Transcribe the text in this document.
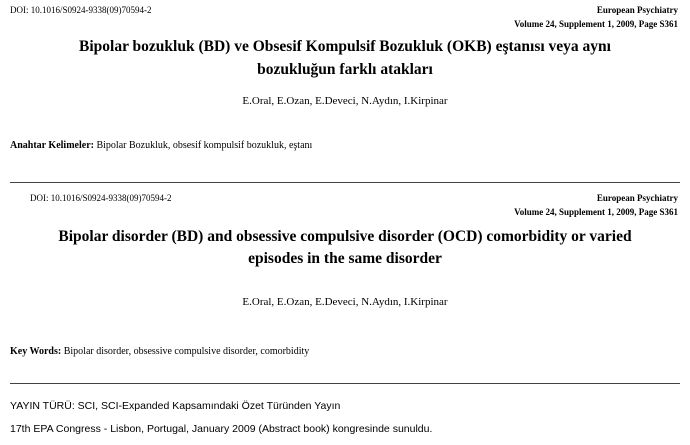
DOI: 10.1016/S0924-9338(09)70594-2	European Psychiatry
Volume 24, Supplement 1, 2009, Page S361
Bipolar bozukluk (BD) ve Obsesif Kompulsif Bozukluk (OKB) eştanısı veya aynı
bozukluğun farklı atakları
E.Oral, E.Ozan, E.Deveci, N.Aydın, I.Kirpinar
Anahtar Kelimeler: Bipolar Bozukluk, obsesif kompulsif bozukluk, eştanı
DOI: 10.1016/S0924-9338(09)70594-2	European Psychiatry
Volume 24, Supplement 1, 2009, Page S361
Bipolar disorder (BD) and obsessive compulsive disorder (OCD) comorbidity or varied
episodes in the same disorder
E.Oral, E.Ozan, E.Deveci, N.Aydın, I.Kirpinar
Key Words: Bipolar disorder, obsessive compulsive disorder, comorbidity
YAYIN TÜRÜ: SCI, SCI-Expanded Kapsamındaki Özet Türünden Yayın
17th EPA Congress - Lisbon, Portugal, January 2009 (Abstract book) kongresinde sunuldu.
